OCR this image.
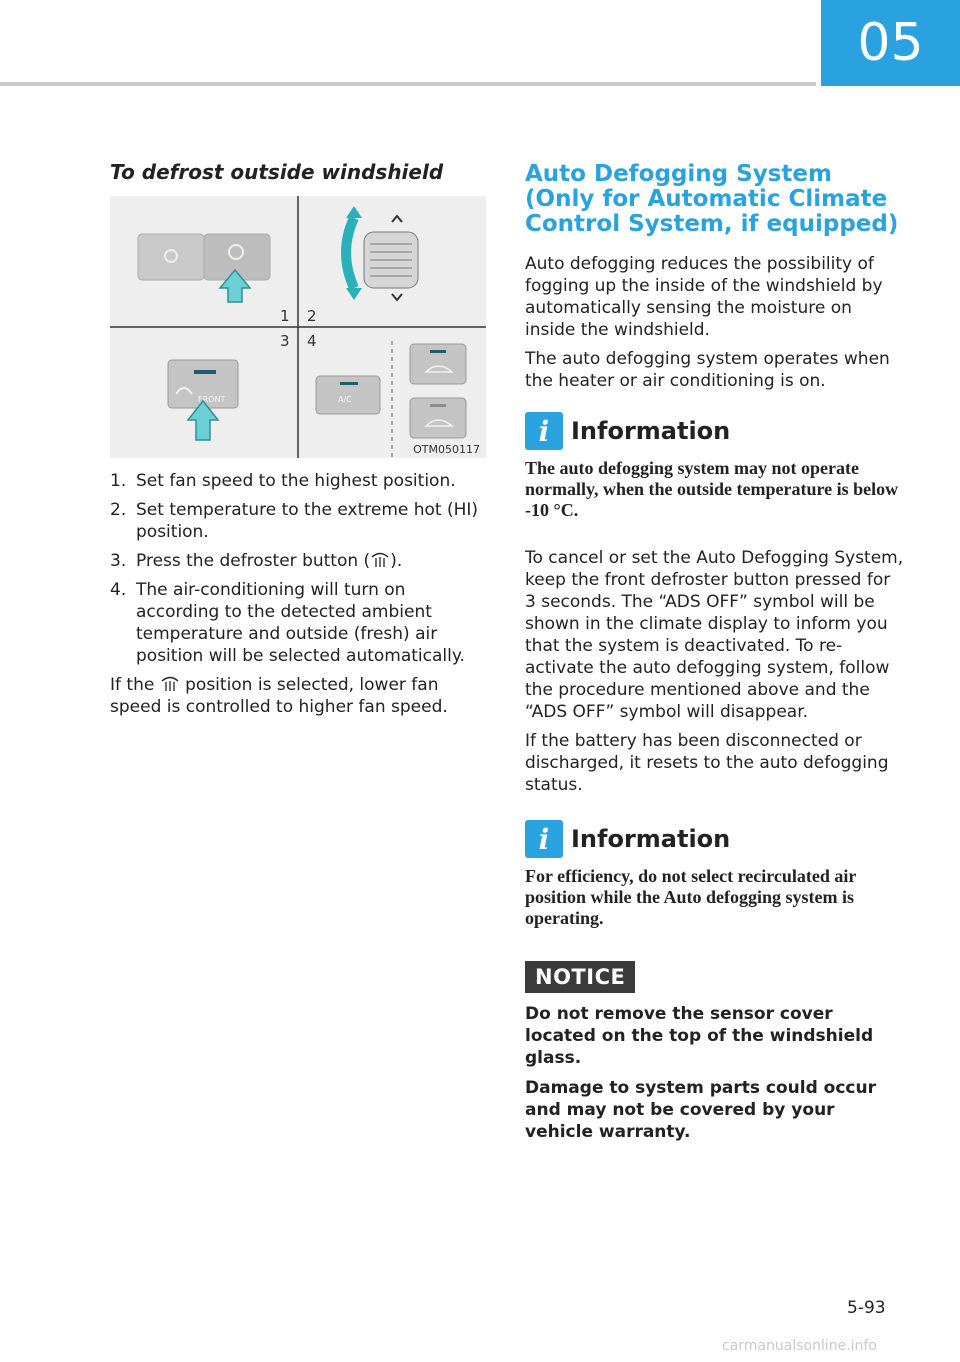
05
To defrost outside windshield
1 2
3 4
FRONT	A/C
OTM050117
1. Set fan speed to the highest position.
2. Set temperature to the extreme hot (HI) position.
3. Press the defroster button ( ).
4. The air-conditioning will turn on according to the detected ambient temperature and outside (fresh) air position will be selected automatically.

If the position is selected, lower fan speed is controlled to higher fan speed.

Auto Defogging System (Only for Automatic Climate Control System, if equipped)

Auto defogging reduces the possibility of fogging up the inside of the windshield by automatically sensing the moisture on inside the windshield.

The auto defogging system operates when the heater or air conditioning is on.

i Information
The auto defogging system may not operate normally, when the outside temperature is below -10 °C.

To cancel or set the Auto Defogging System, keep the front defroster button pressed for 3 seconds. The “ADS OFF” symbol will be shown in the climate display to inform you that the system is deactivated. To re-activate the auto defogging system, follow the procedure mentioned above and the “ADS OFF” symbol will disappear.

If the battery has been disconnected or discharged, it resets to the auto defogging status.

i Information
For efficiency, do not select recirculated air position while the Auto defogging system is operating.
NOTICE

Do not remove the sensor cover located on the top of the windshield glass.

Damage to system parts could occur and may not be covered by your vehicle warranty.

5-93
carmanualsonline.info
